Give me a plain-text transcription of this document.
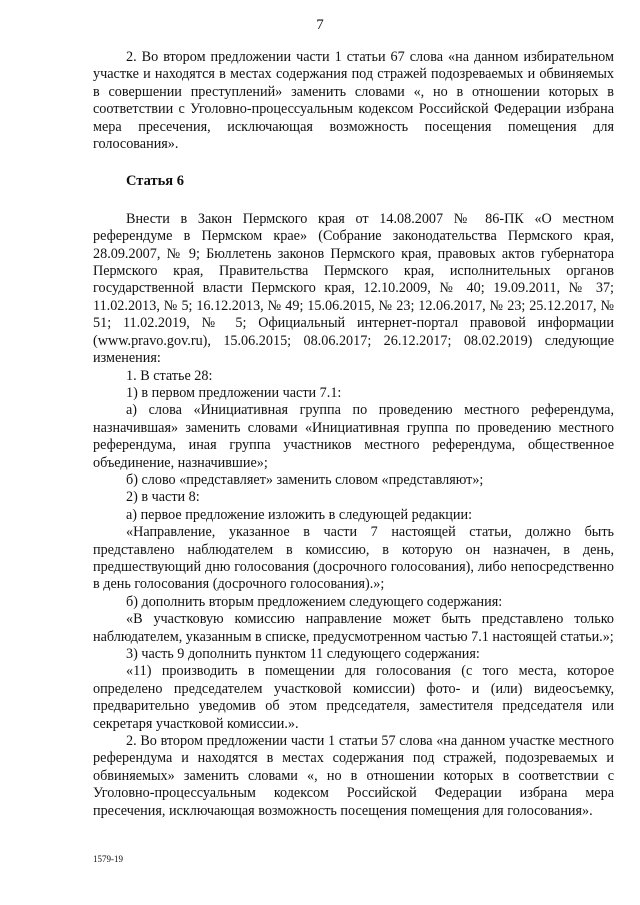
7

2. Во втором предложении части 1 статьи 67 слова «на данном избирательном участке и находятся в местах содержания под стражей подозреваемых и обвиняемых в совершении преступлений» заменить словами «, но в отношении которых в соответствии с Уголовно-процессуальным кодексом Российской Федерации избрана мера пресечения, исключающая возможность посещения помещения для голосования».

Статья 6

Внести в Закон Пермского края от 14.08.2007 № 86-ПК «О местном референдуме в Пермском крае» (Собрание законодательства Пермского края, 28.09.2007, № 9; Бюллетень законов Пермского края, правовых актов губернатора Пермского края, Правительства Пермского края, исполнительных органов государственной власти Пермского края, 12.10.2009, № 40; 19.09.2011, № 37; 11.02.2013, № 5; 16.12.2013, № 49; 15.06.2015, № 23; 12.06.2017, № 23; 25.12.2017, № 51; 11.02.2019, № 5; Официальный интернет-портал правовой информации (www.pravo.gov.ru), 15.06.2015; 08.06.2017; 26.12.2017; 08.02.2019) следующие изменения:

1. В статье 28:

1) в первом предложении части 7.1:

а) слова «Инициативная группа по проведению местного референдума, назначившая» заменить словами «Инициативная группа по проведению местного референдума, иная группа участников местного референдума, общественное объединение, назначившие»;

б) слово «представляет» заменить словом «представляют»;

2) в части 8:

а) первое предложение изложить в следующей редакции:

«Направление, указанное в части 7 настоящей статьи, должно быть представлено наблюдателем в комиссию, в которую он назначен, в день, предшествующий дню голосования (досрочного голосования), либо непосредственно в день голосования (досрочного голосования).»;

б) дополнить вторым предложением следующего содержания:

«В участковую комиссию направление может быть представлено только наблюдателем, указанным в списке, предусмотренном частью 7.1 настоящей статьи.»;

3) часть 9 дополнить пунктом 11 следующего содержания:

«11) производить в помещении для голосования (с того места, которое определено председателем участковой комиссии) фото- и (или) видеосъемку, предварительно уведомив об этом председателя, заместителя председателя или секретаря участковой комиссии.».

2. Во втором предложении части 1 статьи 57 слова «на данном участке местного референдума и находятся в местах содержания под стражей, подозреваемых и обвиняемых» заменить словами «, но в отношении которых в соответствии с Уголовно-процессуальным кодексом Российской Федерации избрана мера пресечения, исключающая возможность посещения помещения для голосования».

1579-19
